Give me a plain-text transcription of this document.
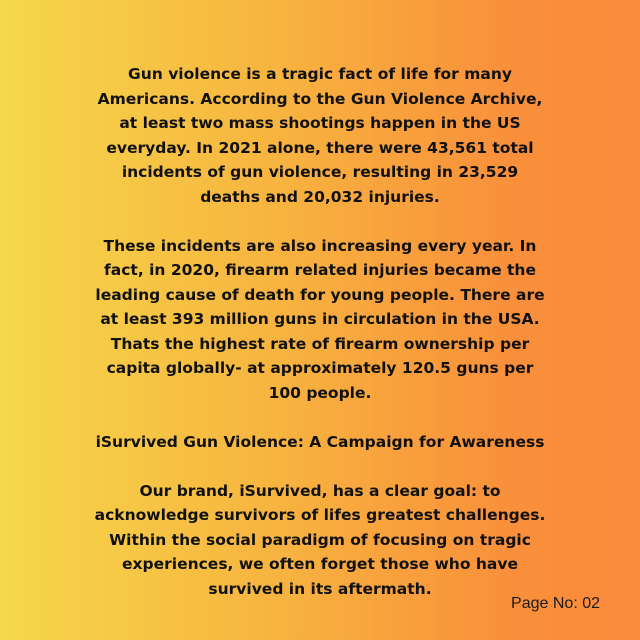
Gun violence is a tragic fact of life for many Americans. According to the Gun Violence Archive, at least two mass shootings happen in the US everyday. In 2021 alone, there were 43,561 total incidents of gun violence, resulting in 23,529 deaths and 20,032 injuries.

These incidents are also increasing every year. In fact, in 2020, firearm related injuries became the leading cause of death for young people. There are at least 393 million guns in circulation in the USA. Thats the highest rate of firearm ownership per capita globally- at approximately 120.5 guns per 100 people.

iSurvived Gun Violence: A Campaign for Awareness

Our brand, iSurvived, has a clear goal: to acknowledge survivors of lifes greatest challenges. Within the social paradigm of focusing on tragic experiences, we often forget those who have survived in its aftermath.

Page No: 02
